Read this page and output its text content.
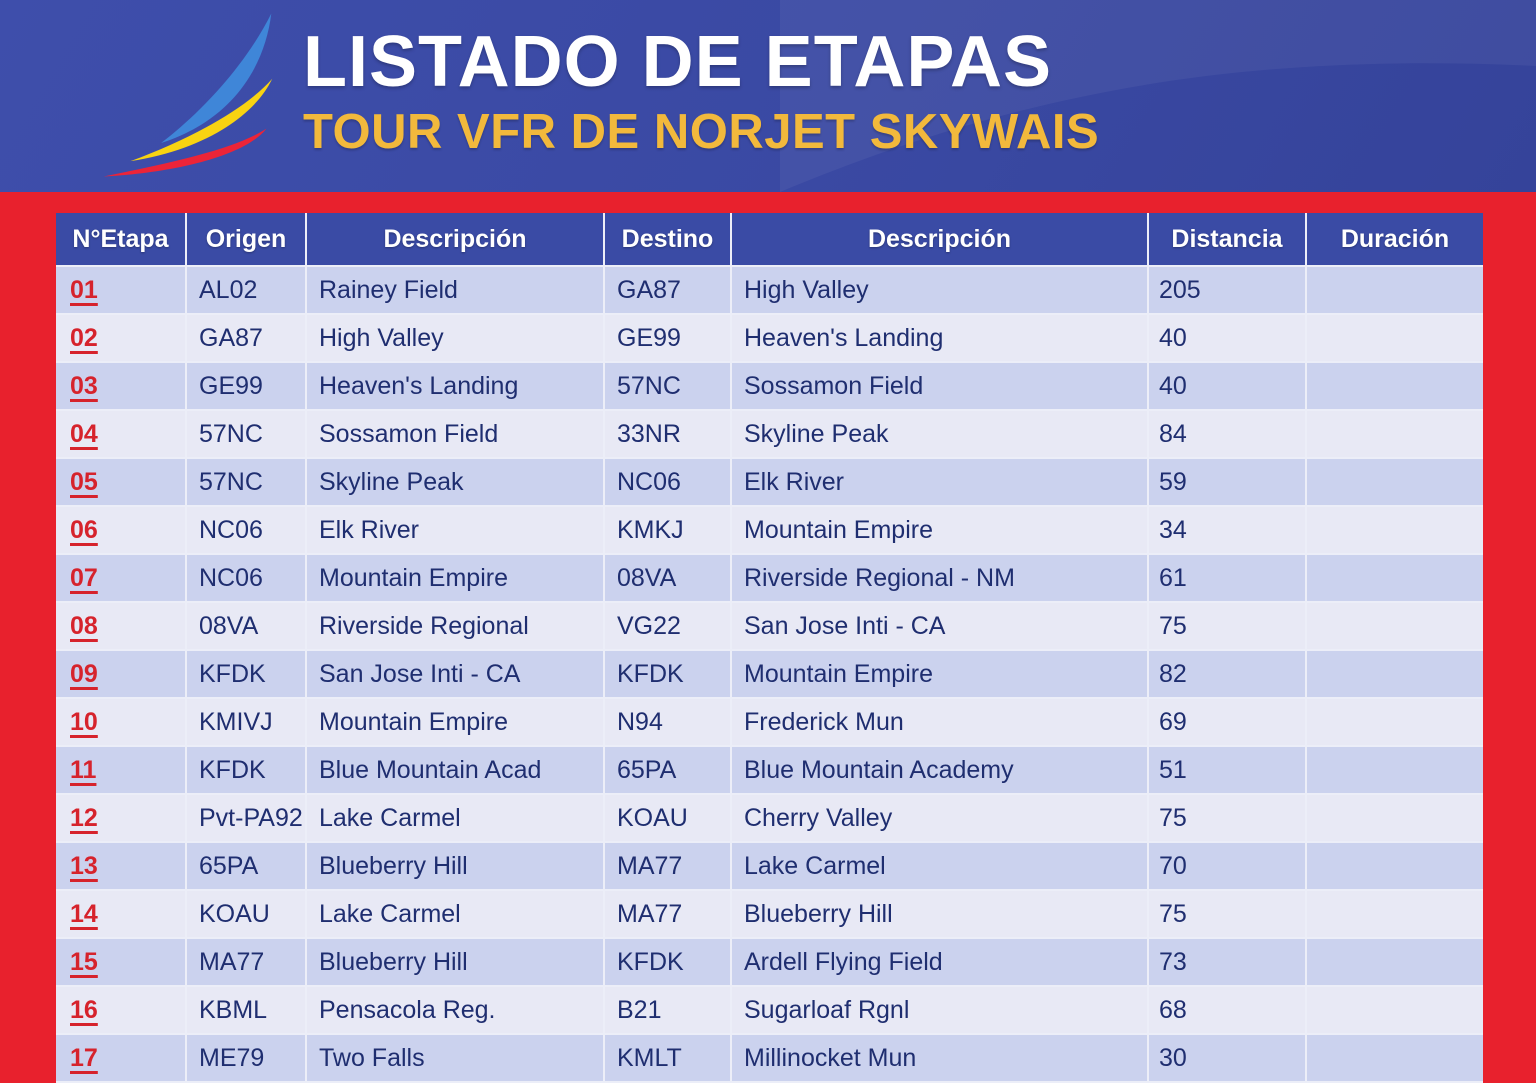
LISTADO DE ETAPAS
TOUR VFR DE NORJET SKYWAIS
N°Etapa	Origen	Descripción	Destino	Descripción	Distancia	Duración
01	AL02	Rainey Field	GA87	High Valley	205	
02	GA87	High Valley	GE99	Heaven's Landing	40	
03	GE99	Heaven's Landing	57NC	Sossamon Field	40	
04	57NC	Sossamon Field	33NR	Skyline Peak	84	
05	57NC	Skyline Peak	NC06	Elk River	59	
06	NC06	Elk River	KMKJ	Mountain Empire	34	
07	NC06	Mountain Empire	08VA	Riverside Regional - NM	61	
08	08VA	Riverside Regional	VG22	San Jose Inti - CA	75	
09	KFDK	San Jose Inti - CA	KFDK	Mountain Empire	82	
10	KMIVJ	Mountain Empire	N94	Frederick Mun	69	
11	KFDK	Blue Mountain Acad	65PA	Blue Mountain Academy	51	
12	Pvt-PA92	Lake Carmel	KOAU	Cherry Valley	75	
13	65PA	Blueberry Hill	MA77	Lake Carmel	70	
14	KOAU	Lake Carmel	MA77	Blueberry Hill	75	
15	MA77	Blueberry Hill	KFDK	Ardell Flying Field	73	
16	KBML	Pensacola Reg.	B21	Sugarloaf Rgnl	68	
17	ME79	Two Falls	KMLT	Millinocket Mun	30	
